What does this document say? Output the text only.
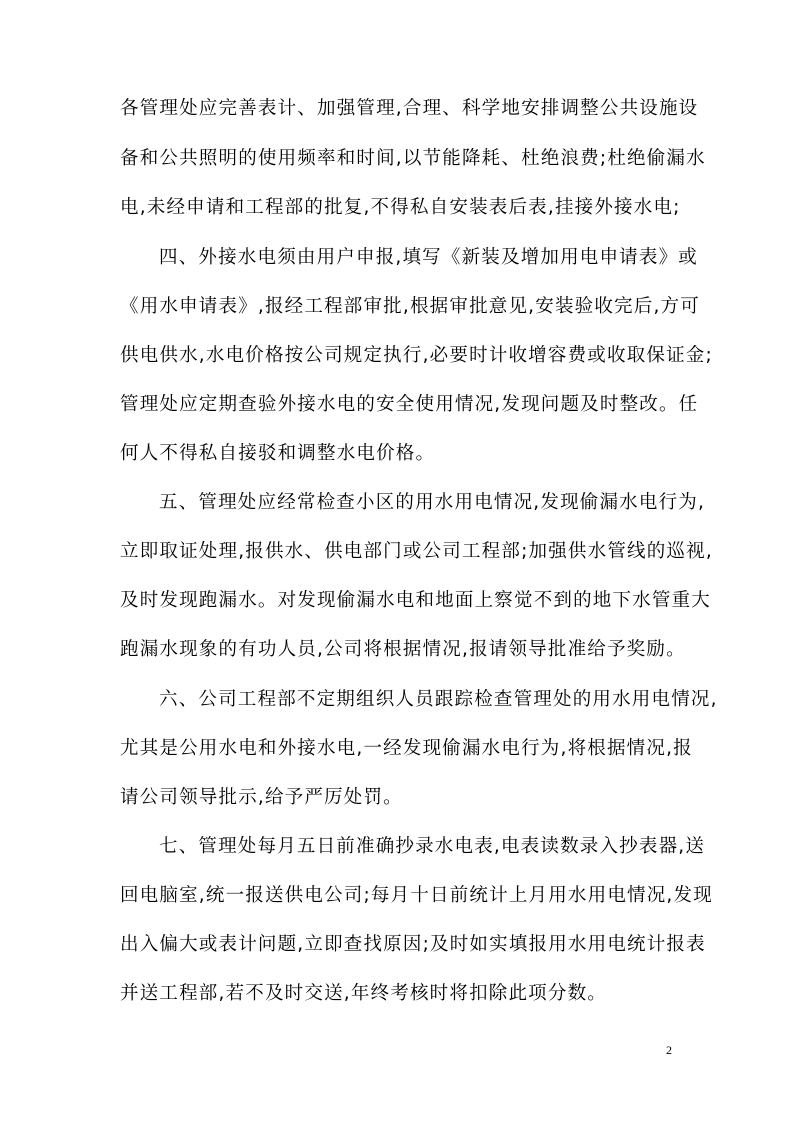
各管理处应完善表计、加强管理,合理、科学地安排调整公共设施设
备和公共照明的使用频率和时间,以节能降耗、杜绝浪费;杜绝偷漏水
电,未经申请和工程部的批复,不得私自安装表后表,挂接外接水电;
四、外接水电须由用户申报,填写《新装及增加用电申请表》或
《用水申请表》,报经工程部审批,根据审批意见,安装验收完后,方可
供电供水,水电价格按公司规定执行,必要时计收增容费或收取保证金;
管理处应定期查验外接水电的安全使用情况,发现问题及时整改。任
何人不得私自接驳和调整水电价格。
五、管理处应经常检查小区的用水用电情况,发现偷漏水电行为,
立即取证处理,报供水、供电部门或公司工程部;加强供水管线的巡视,
及时发现跑漏水。对发现偷漏水电和地面上察觉不到的地下水管重大
跑漏水现象的有功人员,公司将根据情况,报请领导批准给予奖励。
六、公司工程部不定期组织人员跟踪检查管理处的用水用电情况,
尤其是公用水电和外接水电,一经发现偷漏水电行为,将根据情况,报
请公司领导批示,给予严厉处罚。
七、管理处每月五日前准确抄录水电表,电表读数录入抄表器,送
回电脑室,统一报送供电公司;每月十日前统计上月用水用电情况,发现
出入偏大或表计问题,立即查找原因;及时如实填报用水用电统计报表
并送工程部,若不及时交送,年终考核时将扣除此项分数。
2
